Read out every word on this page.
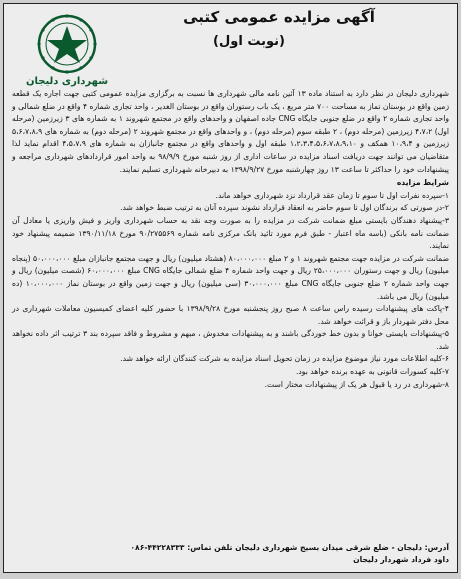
شهرداری دلیجان
آگهی مزایده عمومی کتبی
(نوبت اول)

شهرداری دلیجان در نظر دارد به استناد ماده ۱۳ آئین نامه مالی شهرداری ها نسبت به برگزاری مزایده عمومی کتبی جهت اجاره یک قطعه زمین واقع در بوستان تماز به مساحت ۷۰۰ متر مربع ، یک باب رستوران واقع در بوستان الغدیر ، واحد تجاری شماره ۴ واقع در ضلع شمالی و واحد تجاری شماره ۲ واقع در ضلع جنوبی جایگاه CNG جاده اصفهان و واحدهای واقع در مجتمع شهروند ۱ به شماره های ۳ زیرزمین (مرحله اول) ۴،۷،۲ زیرزمین (مرحله دوم) ، ۲ طبقه سوم (مرحله دوم) ، و واحدهای واقع در مجتمع شهروند ۲ (مرحله دوم) به شماره های ۵،۶،۷،۸،۹ زیرزمین و ۱۰،۹،۴ همکف و ۱،۲،۳،۴،۵،۶،۷،۸،۹،۱۰ طبقه اول و واحدهای واقع در مجتمع جانبازان به شماره های ۴،۵،۷،۹ اقدام نماید لذا متقاضیان می توانند جهت دریافت اسناد مزایده در ساعات اداری از روز شنبه مورخ ۹۸/۹/۹ به واحد امور قراردادهای شهرداری مراجعه و پیشنهادات خود را حداکثر تا ساعت ۱۳ روز چهارشنبه مورخ ۱۳۹۸/۹/۲۷ به دبیرخانه شهرداری تسلیم نمایند.

شرایط مزایده

۱-سپرده نفرات اول تا سوم تا زمان عقد قرارداد نزد شهرداری خواهد ماند.

۲-در صورتی که برندگان اول تا سوم حاضر به انعقاد قرارداد نشوند سپرده آنان به ترتیب ضبط خواهد شد.

۳-پیشنهاد دهندگان بایستی مبلغ ضمانت شرکت در مزایده را به صورت وجه نقد به حساب شهرداری واریز و فیش واریزی یا معادل آن ضمانت نامه بانکی (باسه ماه اعتبار - طبق فرم مورد تائید بانک مرکزی نامه شماره ۹۰/۲۷۵۵۶۹ مورخ ۱۳۹۰/۱۱/۱۸ ضمیمه پیشنهاد خود نمایند.

ضمانت شرکت در مزایده جهت مجتمع شهروند ۱ و ۲ مبلغ ۸۰،۰۰۰،۰۰۰ (هشتاد میلیون) ریال و جهت مجتمع جانبازان مبلغ ۵۰،۰۰۰،۰۰۰ (پنجاه میلیون) ریال و جهت رستوران ۲۵،۰۰۰،۰۰۰ ریال و جهت واحد شماره ۴ ضلع شمالی جایگاه CNG مبلغ ۶۰،۰۰۰،۰۰۰ (شصت میلیون) ریال و جهت واحد شماره ۲ ضلع جنوبی جایگاه CNG مبلغ ۳۰،۰۰۰،۰۰۰ (سی میلیون) ریال و جهت زمین واقع در بوستان نماز ۱۰،۰۰۰،۰۰۰ (ده میلیون) ریال می باشد.

۴-پاکت های پیشنهادات رسیده راس ساعت ۸ صبح روز پنجشنبه مورخ ۱۳۹۸/۹/۲۸ با حضور کلیه اعضای کمیسیون معاملات شهرداری در محل دفتر شهردار باز و قرائت خواهد شد.

۵-پیشنهادات بایستی خوانا و بدون خط خوردگی باشند و به پیشنهادات مخدوش ، مبهم و مشروط و فاقد سپرده بند ۳ ترتیب اثر داده نخواهد شد.

۶-کلیه اطلاعات مورد نیاز موضوع مزایده در زمان تحویل اسناد مزایده به شرکت کنندگان ارائه خواهد شد.

۷-کلیه کسورات قانونی به عهده برنده خواهد بود.

۸-شهرداری در رد یا قبول هر یک از پیشنهادات مختار است.

آدرس: دلیجان - ضلع شرقی میدان بسیج شهرداری دلیجان تلفن تماس: ۴۴۲۲۸۳۳۳-۰۸۶

داود فرداد شهردار دلیجان
